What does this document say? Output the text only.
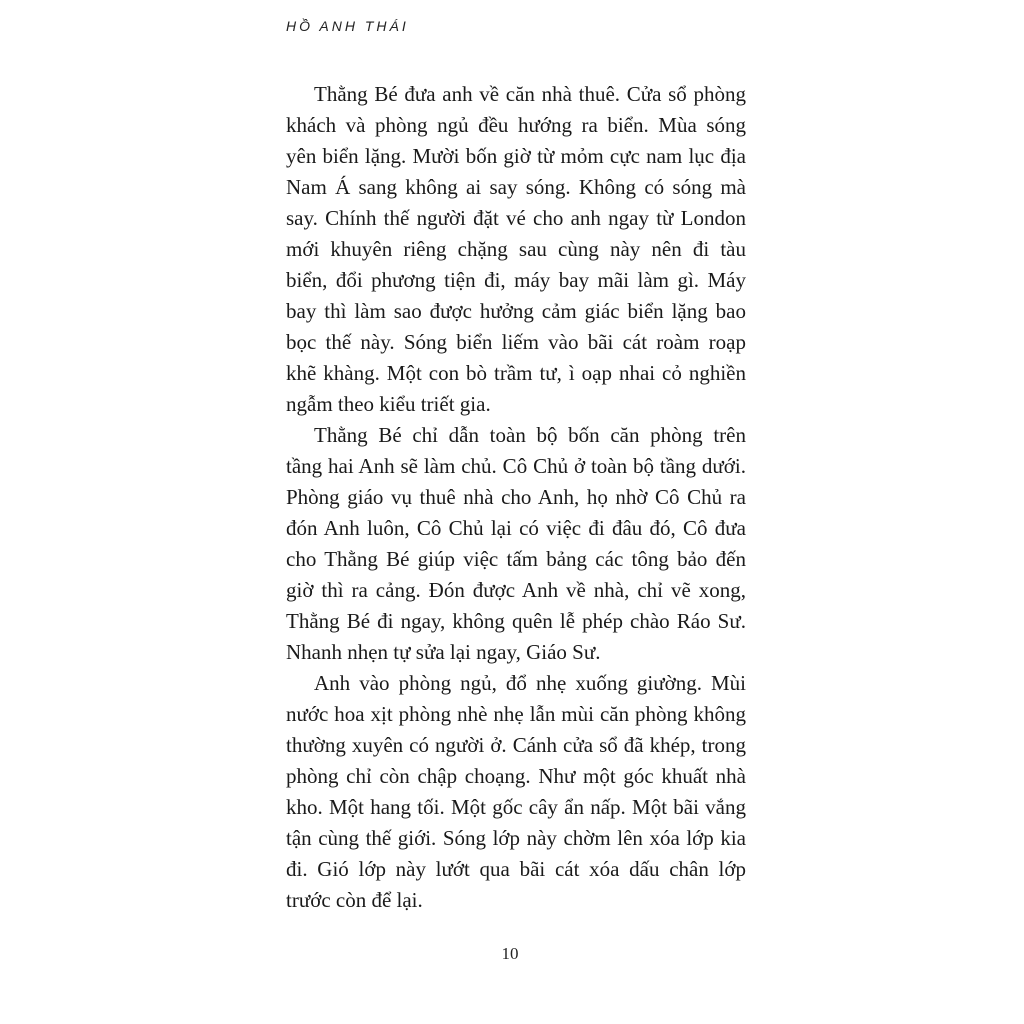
HỒ ANH THÁI
Thằng Bé đưa anh về căn nhà thuê. Cửa sổ phòng
khách và phòng ngủ đều hướng ra biển. Mùa sóng
yên biển lặng. Mười bốn giờ từ mỏm cực nam lục địa
Nam Á sang không ai say sóng. Không có sóng mà
say. Chính thế người đặt vé cho anh ngay từ London
mới khuyên riêng chặng sau cùng này nên đi tàu
biển, đổi phương tiện đi, máy bay mãi làm gì. Máy
bay thì làm sao được hưởng cảm giác biển lặng bao
bọc thế này. Sóng biển liếm vào bãi cát roàm roạp
khẽ khàng. Một con bò trầm tư, ì oạp nhai cỏ nghiền
ngẫm theo kiểu triết gia.
Thằng Bé chỉ dẫn toàn bộ bốn căn phòng trên
tầng hai Anh sẽ làm chủ. Cô Chủ ở toàn bộ tầng dưới.
Phòng giáo vụ thuê nhà cho Anh, họ nhờ Cô Chủ ra
đón Anh luôn, Cô Chủ lại có việc đi đâu đó, Cô đưa
cho Thằng Bé giúp việc tấm bảng các tông bảo đến
giờ thì ra cảng. Đón được Anh về nhà, chỉ vẽ xong,
Thằng Bé đi ngay, không quên lễ phép chào Ráo Sư.
Nhanh nhẹn tự sửa lại ngay, Giáo Sư.
Anh vào phòng ngủ, đổ nhẹ xuống giường. Mùi
nước hoa xịt phòng nhè nhẹ lẫn mùi căn phòng không
thường xuyên có người ở. Cánh cửa sổ đã khép, trong
phòng chỉ còn chập choạng. Như một góc khuất nhà
kho. Một hang tối. Một gốc cây ẩn nấp. Một bãi vắng
tận cùng thế giới. Sóng lớp này chờm lên xóa lớp kia
đi. Gió lớp này lướt qua bãi cát xóa dấu chân lớp
trước còn để lại.
10
